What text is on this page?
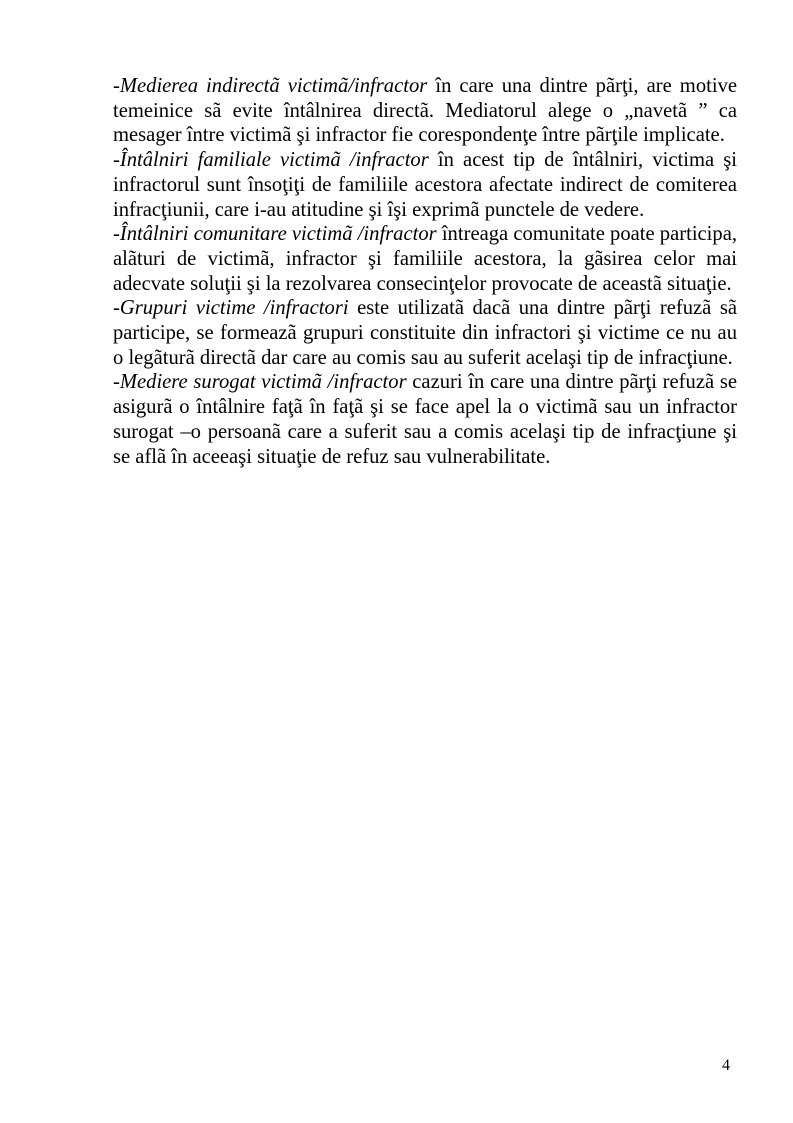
-Medierea indirectã victimã/infractor în care una dintre pãrţi, are motive temeinice sã evite întâlnirea directã. Mediatorul alege o „navetã ” ca mesager între victimã şi infractor fie corespondenţe între pãrţile implicate.

-Întâlniri familiale victimã /infractor în acest tip de întâlniri, victima şi infractorul sunt însoţiţi de familiile acestora afectate indirect de comiterea infracţiunii, care i-au atitudine şi îşi exprimã punctele de vedere.

-Întâlniri comunitare victimã /infractor întreaga comunitate poate participa, alãturi de victimã, infractor şi familiile acestora, la gãsirea celor mai adecvate soluţii şi la rezolvarea consecinţelor provocate de aceastã situaţie.

-Grupuri victime /infractori este utilizatã dacã una dintre pãrţi refuzã sã participe, se formeazã grupuri constituite din infractori şi victime ce nu au o legãturã directã dar care au comis sau au suferit acelaşi tip de infracţiune.

-Mediere surogat victimã /infractor cazuri în care una dintre pãrţi refuzã se asigurã o întâlnire faţã în faţã şi se face apel la o victimã sau un infractor surogat –o persoanã care a suferit sau a comis acelaşi tip de infracţiune şi se aflã în aceeaşi situaţie de refuz sau vulnerabilitate.

4
